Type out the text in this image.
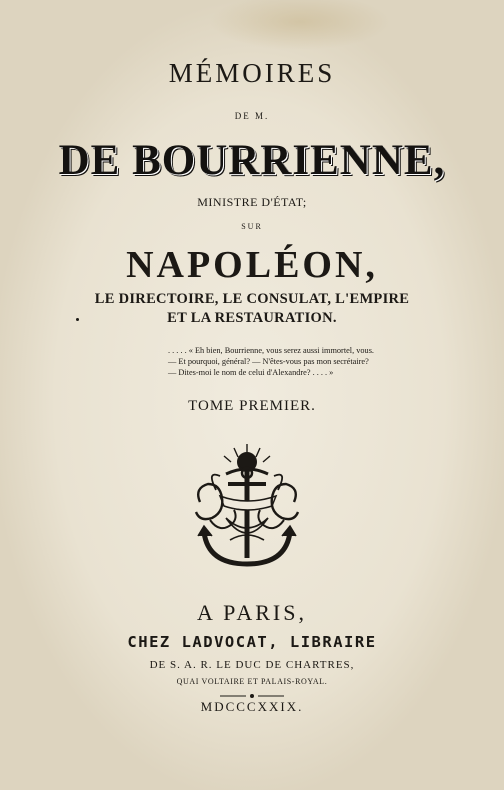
MÉMOIRES
DE M.
DE BOURRIENNE,
MINISTRE D'ÉTAT;
SUR
NAPOLÉON,
LE DIRECTOIRE, LE CONSULAT, L'EMPIRE
ET LA RESTAURATION.
. . . . . « Eh bien, Bourrienne, vous serez aussi immortel, vous.
— Et pourquoi, général? — N'êtes-vous pas mon secrétaire?
— Dites-moi le nom de celui d'Alexandre? . . . . »
TOME PREMIER.
A PARIS,
CHEZ LADVOCAT, LIBRAIRE
DE S. A. R. LE DUC DE CHARTRES,
QUAI VOLTAIRE ET PALAIS-ROYAL.
MDCCCXXIX.
